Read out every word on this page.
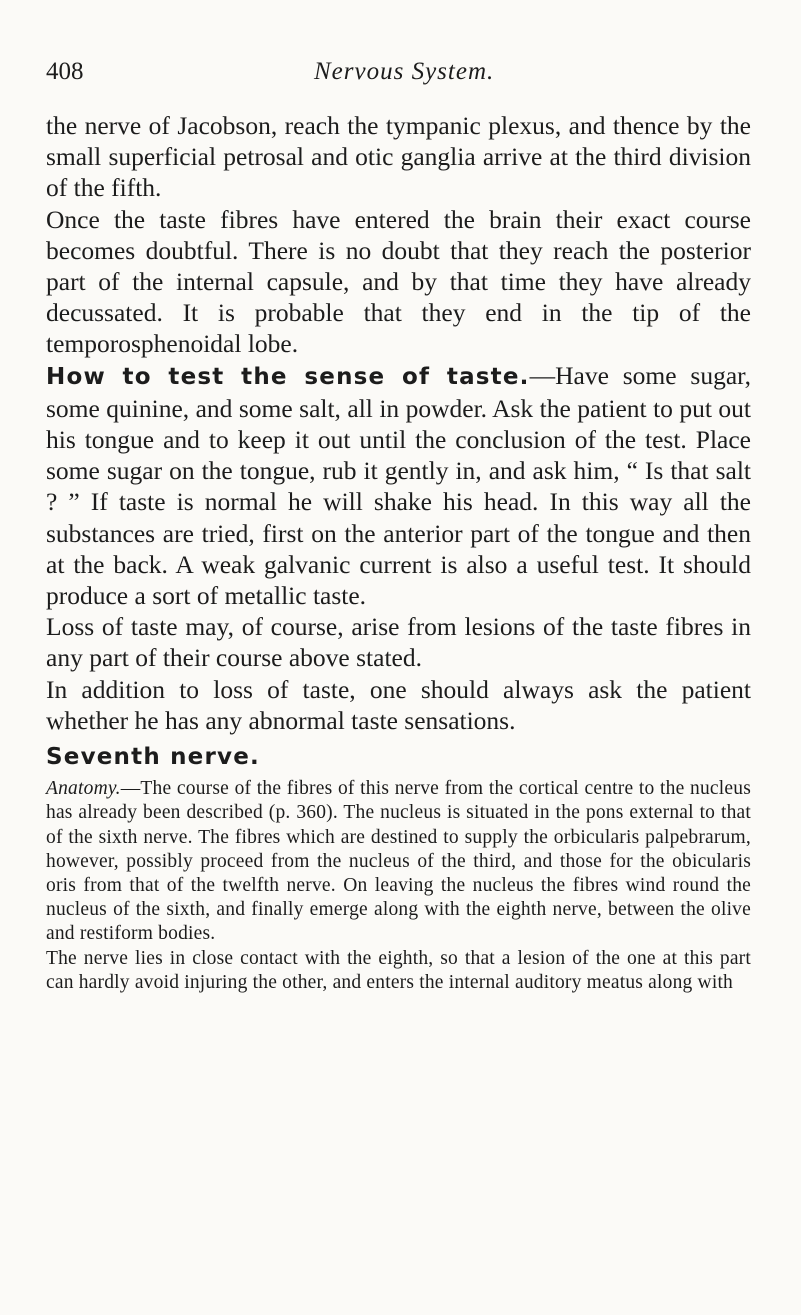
408	Nervous System.

the nerve of Jacobson, reach the tympanic plexus, and thence by the small superficial petrosal and otic ganglia arrive at the third division of the fifth.

Once the taste fibres have entered the brain their exact course becomes doubtful. There is no doubt that they reach the posterior part of the internal capsule, and by that time they have already decussated. It is probable that they end in the tip of the temporosphenoidal lobe.

How to test the sense of taste.—Have some sugar, some quinine, and some salt, all in powder. Ask the patient to put out his tongue and to keep it out until the conclusion of the test. Place some sugar on the tongue, rub it gently in, and ask him, “ Is that salt ? ” If taste is normal he will shake his head. In this way all the substances are tried, first on the anterior part of the tongue and then at the back. A weak galvanic current is also a useful test. It should produce a sort of metallic taste.

Loss of taste may, of course, arise from lesions of the taste fibres in any part of their course above stated.

In addition to loss of taste, one should always ask the patient whether he has any abnormal taste sensations.

Seventh nerve.

Anatomy.—The course of the fibres of this nerve from the cortical centre to the nucleus has already been described (p. 360). The nucleus is situated in the pons external to that of the sixth nerve. The fibres which are destined to supply the orbicularis palpebrarum, however, possibly proceed from the nucleus of the third, and those for the obicularis oris from that of the twelfth nerve. On leaving the nucleus the fibres wind round the nucleus of the sixth, and finally emerge along with the eighth nerve, between the olive and restiform bodies.

The nerve lies in close contact with the eighth, so that a lesion of the one at this part can hardly avoid injuring the other, and enters the internal auditory meatus along with
